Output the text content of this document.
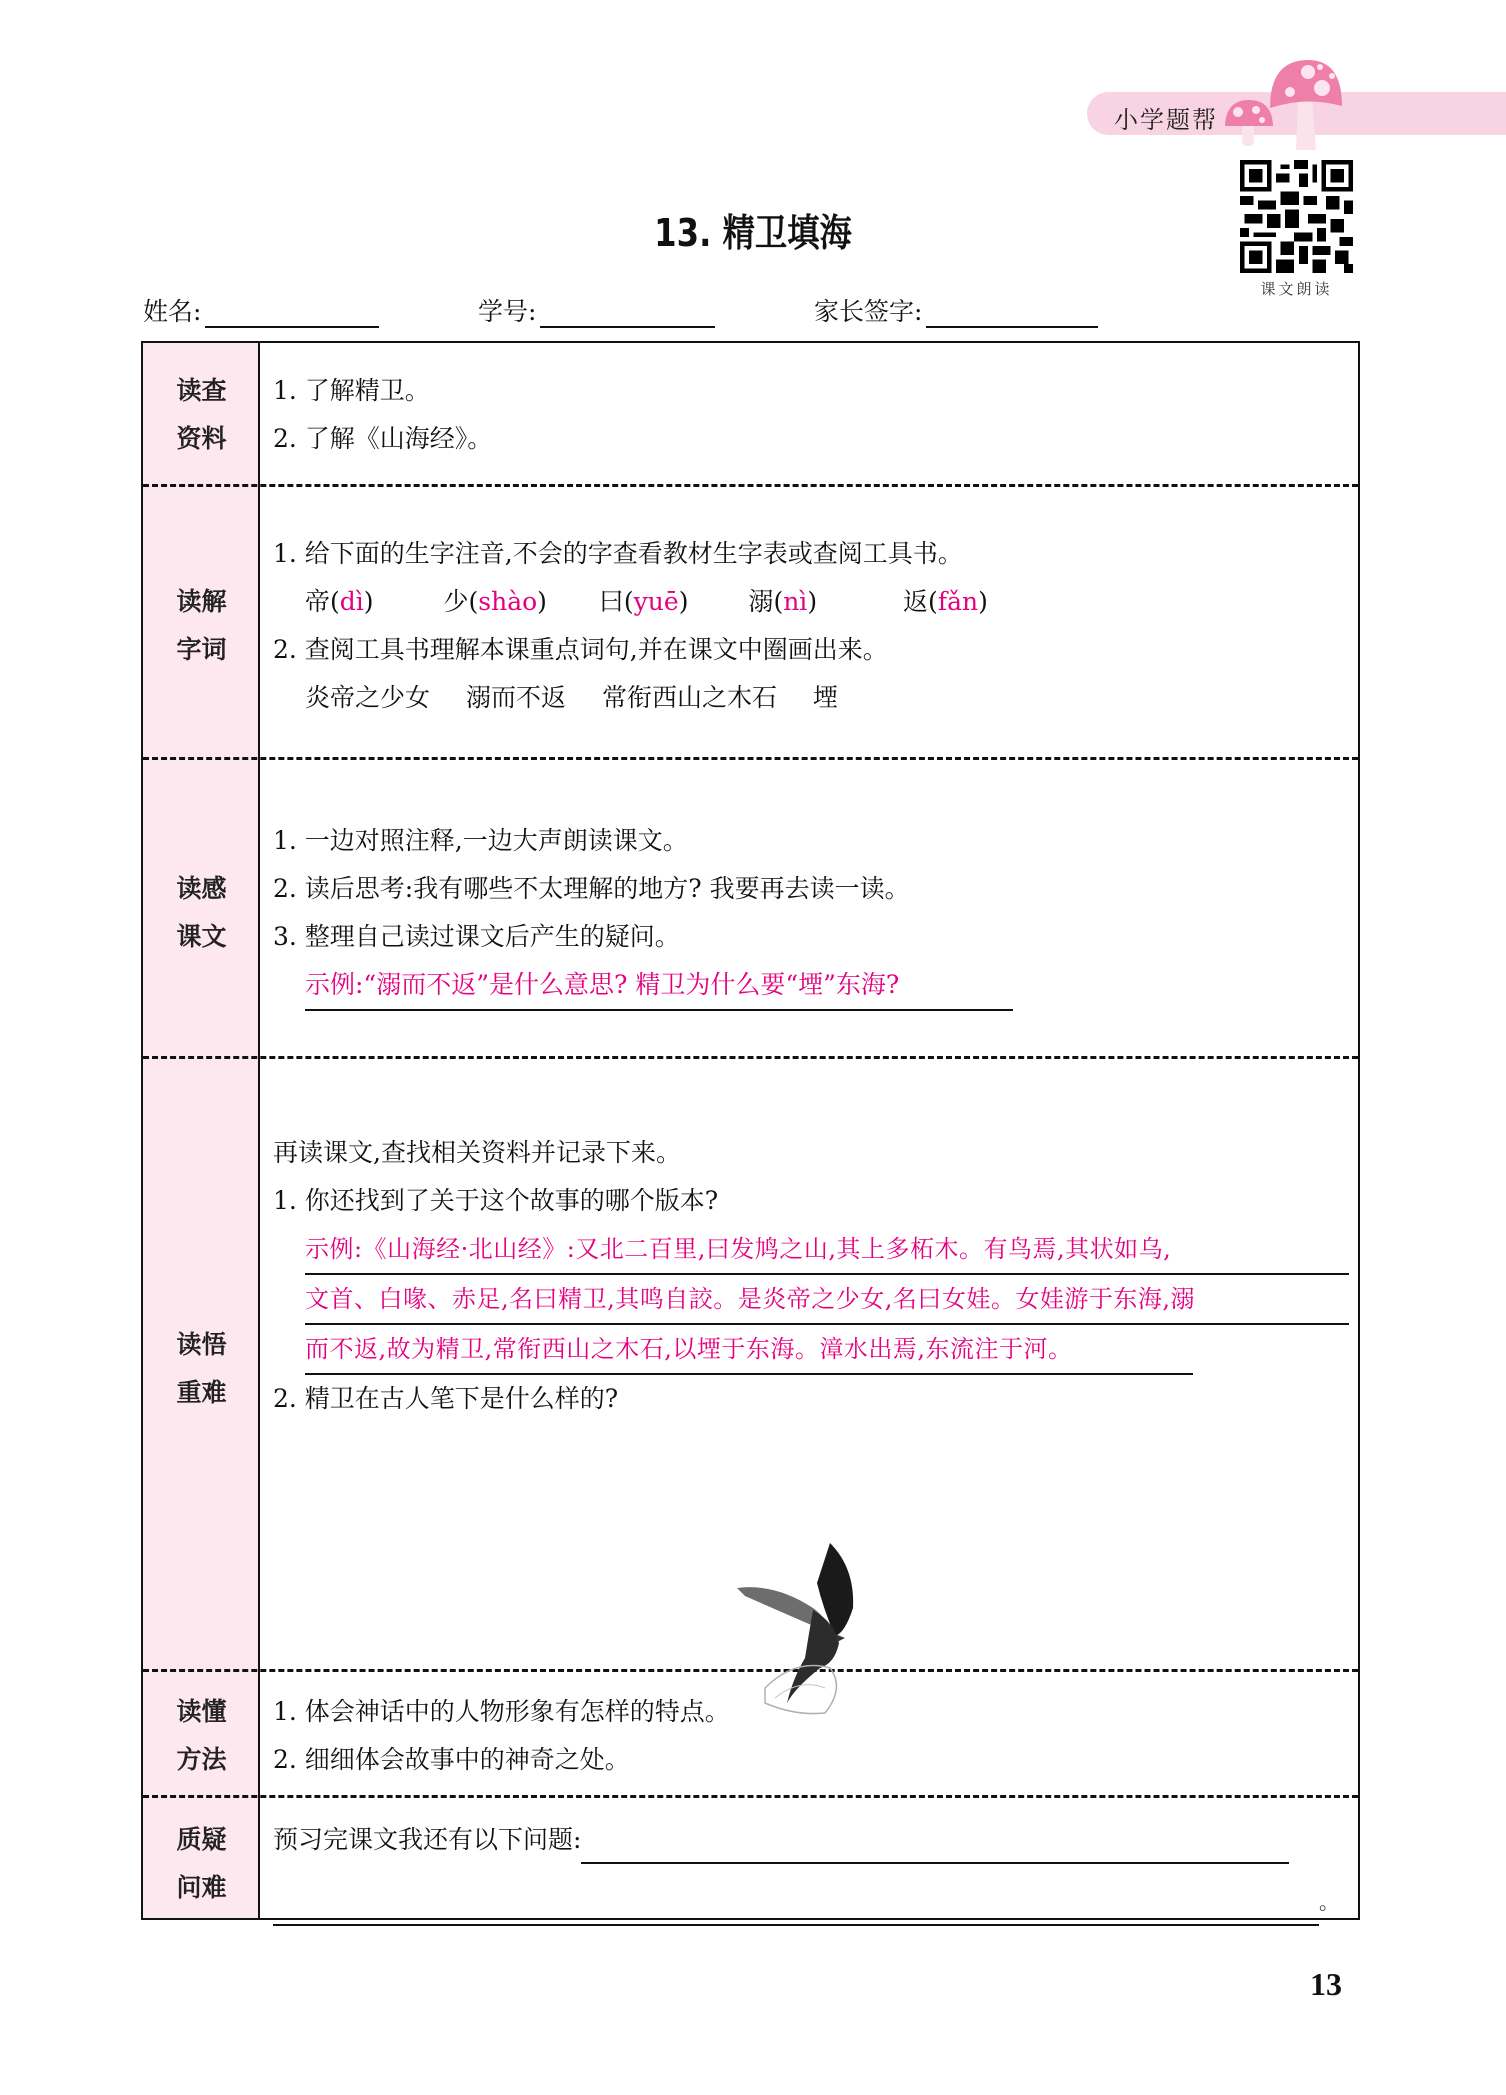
小学题帮
课文朗读
13. 精卫填海
姓名:	学号:	家长签字:
读查
资料
1. 了解精卫。
2. 了解《山海经》。
读解
字词
1. 给下面的生字注音,不会的字查看教材生字表或查阅工具书。
帝(dì)	少(shào) 曰(yuē) 溺(nì)	返(fǎn)
2. 查阅工具书理解本课重点词句,并在课文中圈画出来。
炎帝之少女 溺而不返 常衔西山之木石 堙
读感
课文
1. 一边对照注释,一边大声朗读课文。
2. 读后思考:我有哪些不太理解的地方? 我要再去读一读。
3. 整理自己读过课文后产生的疑问。
示例:“溺而不返”是什么意思? 精卫为什么要“堙”东海?
读悟
重难
再读课文,查找相关资料并记录下来。
1. 你还找到了关于这个故事的哪个版本?
示例:《山海经·北山经》:又北二百里,曰发鸠之山,其上多柘木。有鸟焉,其状如乌,
文首、白喙、赤足,名曰精卫,其鸣自詨。是炎帝之少女,名曰女娃。女娃游于东海,溺
而不返,故为精卫,常衔西山之木石,以堙于东海。漳水出焉,东流注于河。
2. 精卫在古人笔下是什么样的?
读懂
方法
1. 体会神话中的人物形象有怎样的特点。
2. 细细体会故事中的神奇之处。
质疑
问难
预习完课文我还有以下问题:
。
13
